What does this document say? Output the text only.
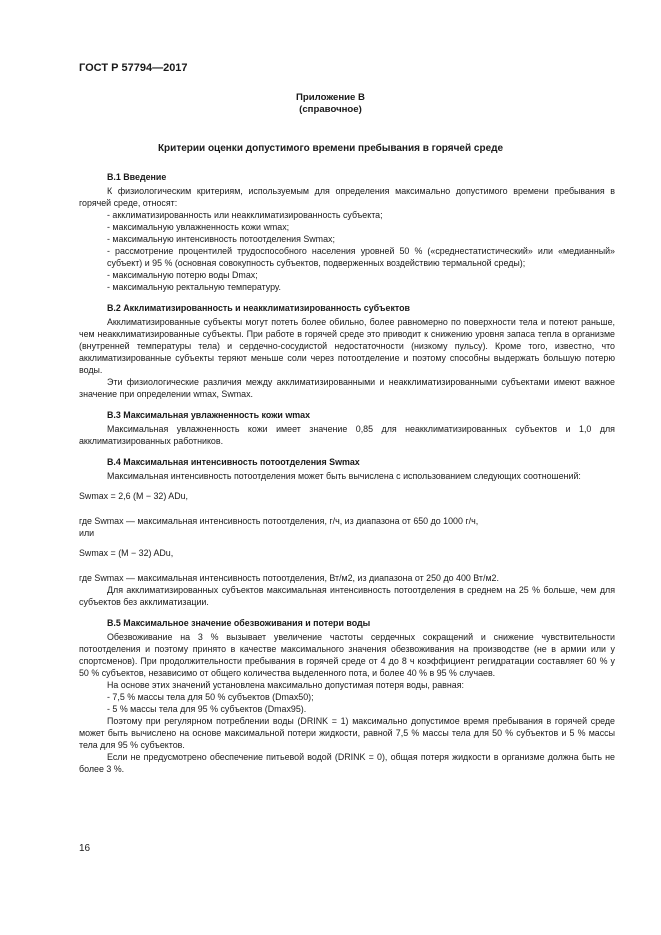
ГОСТ Р 57794—2017
Приложение В
(справочное)
Критерии оценки допустимого времени пребывания в горячей среде

В.1 Введение

К физиологическим критериям, используемым для определения максимально допустимого времени пребывания в горячей среде, относят:

- акклиматизированность или неакклиматизированность субъекта;

- максимальную увлажненность кожи wmax;

- максимальную интенсивность потоотделения Swmax;

- рассмотрение процентилей трудоспособного населения уровней 50 % («среднестатистический» или «медианный» субъект) и 95 % (основная совокупность субъектов, подверженных воздействию термальной среды);

- максимальную потерю воды Dmax;

- максимальную ректальную температуру.

В.2 Акклиматизированность и неакклиматизированность субъектов

Акклиматизированные субъекты могут потеть более обильно, более равномерно по поверхности тела и потеют раньше, чем неакклиматизированные субъекты. При работе в горячей среде это приводит к снижению уровня запаса тепла в организме (внутренней температуры тела) и сердечно-сосудистой недостаточности (низкому пульсу). Кроме того, известно, что акклиматизированные субъекты теряют меньше соли через потоотделение и поэтому способны выдержать большую потерю воды.

Эти физиологические различия между акклиматизированными и неакклиматизированными субъектами имеют важное значение при определении wmax, Swmax.

В.3 Максимальная увлажненность кожи wmax

Максимальная увлажненность кожи имеет значение 0,85 для неакклиматизированных субъектов и 1,0 для акклиматизированных работников.

В.4 Максимальная интенсивность потоотделения Swmax

Максимальная интенсивность потоотделения может быть вычислена с использованием следующих соотношений:

Swmax = 2,6 (M − 32) ADu,

где Swmax — максимальная интенсивность потоотделения, г/ч, из диапазона от 650 до 1000 г/ч,

или

Swmax = (M − 32) ADu,

где Swmax — максимальная интенсивность потоотделения, Вт/м2, из диапазона от 250 до 400 Вт/м2.

Для акклиматизированных субъектов максимальная интенсивность потоотделения в среднем на 25 % больше, чем для субъектов без акклиматизации.

В.5 Максимальное значение обезвоживания и потери воды

Обезвоживание на 3 % вызывает увеличение частоты сердечных сокращений и снижение чувствительности потоотделения и поэтому принято в качестве максимального значения обезвоживания на производстве (не в армии или у спортсменов). При продолжительности пребывания в горячей среде от 4 до 8 ч коэффициент регидратации составляет 60 % у 50 % субъектов, независимо от общего количества выделенного пота, и более 40 % в 95 % случаев.

На основе этих значений установлена максимально допустимая потеря воды, равная:

- 7,5 % массы тела для 50 % субъектов (Dmax50);

- 5 % массы тела для 95 % субъектов (Dmax95).

Поэтому при регулярном потреблении воды (DRINK = 1) максимально допустимое время пребывания в горячей среде может быть вычислено на основе максимальной потери жидкости, равной 7,5 % массы тела для 50 % субъектов и 5 % массы тела для 95 % субъектов.

Если не предусмотрено обеспечение питьевой водой (DRINK = 0), общая потеря жидкости в организме должна быть не более 3 %.

16
